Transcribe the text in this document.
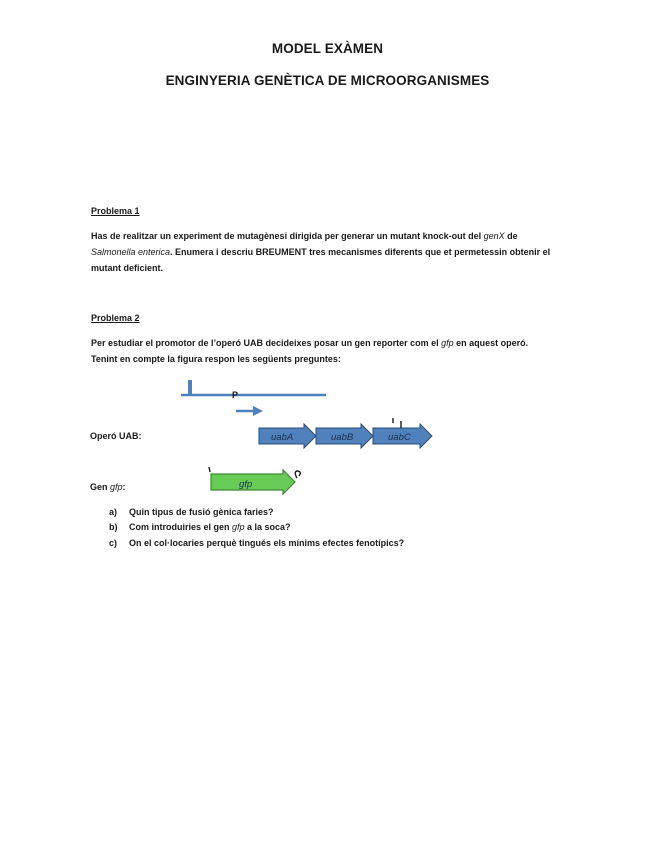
MODEL EXÀMEN
ENGINYERIA GENÈTICA DE MICROORGANISMES
Problema 1
Has de realitzar un experiment de mutagènesi dirigida per generar un mutant knock-out del genX de
Salmonella enterica. Enumera i descriu BREUMENT tres mecanismes diferents que et permetessin obtenir el
mutant deficient.
Problema 2
Per estudiar el promotor de l’operó UAB decideixes posar un gen reporter com el gfp en aquest operó.
Tenint en compte la figura respon les següents preguntes:
P
uabA	uabB	uabC
gfp
Operó UAB:
Gen gfp:
a) Quin tipus de fusió gènica faries?
b) Com introduiries el gen gfp a la soca?
c) On el col·locaries perquè tingués els mínims efectes fenotípics?
